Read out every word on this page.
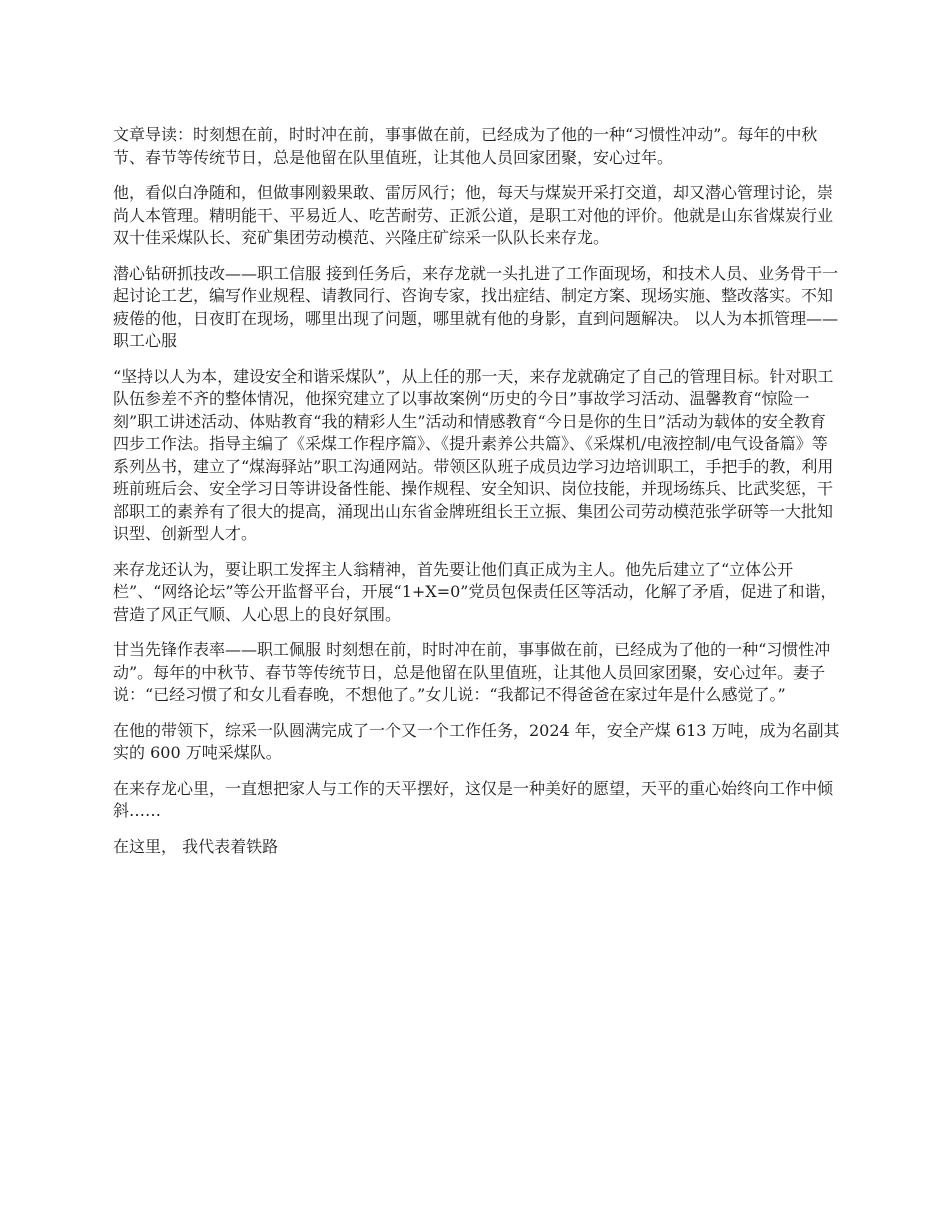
文章导读：时刻想在前，时时冲在前，事事做在前，已经成为了他的一种“习惯性冲动”。每年的中秋节、春节等传统节日，总是他留在队里值班，让其他人员回家团聚，安心过年。

他，看似白净随和，但做事刚毅果敢、雷厉风行；他，每天与煤炭开采打交道，却又潜心管理讨论，崇尚人本管理。精明能干、平易近人、吃苦耐劳、正派公道，是职工对他的评价。他就是山东省煤炭行业双十佳采煤队长、兖矿集团劳动模范、兴隆庄矿综采一队队长来存龙。

潜心钻研抓技改——职工信服 接到任务后，来存龙就一头扎进了工作面现场，和技术人员、业务骨干一起讨论工艺，编写作业规程、请教同行、咨询专家，找出症结、制定方案、现场实施、整改落实。不知疲倦的他，日夜盯在现场，哪里出现了问题，哪里就有他的身影，直到问题解决。 以人为本抓管理——职工心服

“坚持以人为本，建设安全和谐采煤队”，从上任的那一天，来存龙就确定了自己的管理目标。针对职工队伍参差不齐的整体情况，他探究建立了以事故案例“历史的今日”事故学习活动、温馨教育“惊险一刻”职工讲述活动、体贴教育“我的精彩人生”活动和情感教育“今日是你的生日”活动为载体的安全教育四步工作法。指导主编了《采煤工作程序篇》、《提升素养公共篇》、《采煤机/电液控制/电气设备篇》等系列丛书，建立了“煤海驿站”职工沟通网站。带领区队班子成员边学习边培训职工，手把手的教，利用班前班后会、安全学习日等讲设备性能、操作规程、安全知识、岗位技能，并现场练兵、比武奖惩，干部职工的素养有了很大的提高，涌现出山东省金牌班组长王立振、集团公司劳动模范张学研等一大批知识型、创新型人才。

来存龙还认为，要让职工发挥主人翁精神，首先要让他们真正成为主人。他先后建立了“立体公开栏”、“网络论坛”等公开监督平台，开展“1+X=0”党员包保责任区等活动，化解了矛盾，促进了和谐，营造了风正气顺、人心思上的良好氛围。

甘当先锋作表率——职工佩服 时刻想在前，时时冲在前，事事做在前，已经成为了他的一种“习惯性冲动”。每年的中秋节、春节等传统节日，总是他留在队里值班，让其他人员回家团聚，安心过年。妻子说：“已经习惯了和女儿看春晚，不想他了。”女儿说：“我都记不得爸爸在家过年是什么感觉了。”

在他的带领下，综采一队圆满完成了一个又一个工作任务，2024 年，安全产煤 613 万吨，成为名副其实的 600 万吨采煤队。

在来存龙心里，一直想把家人与工作的天平摆好，这仅是一种美好的愿望，天平的重心始终向工作中倾斜……

在这里， 我代表着铁路
